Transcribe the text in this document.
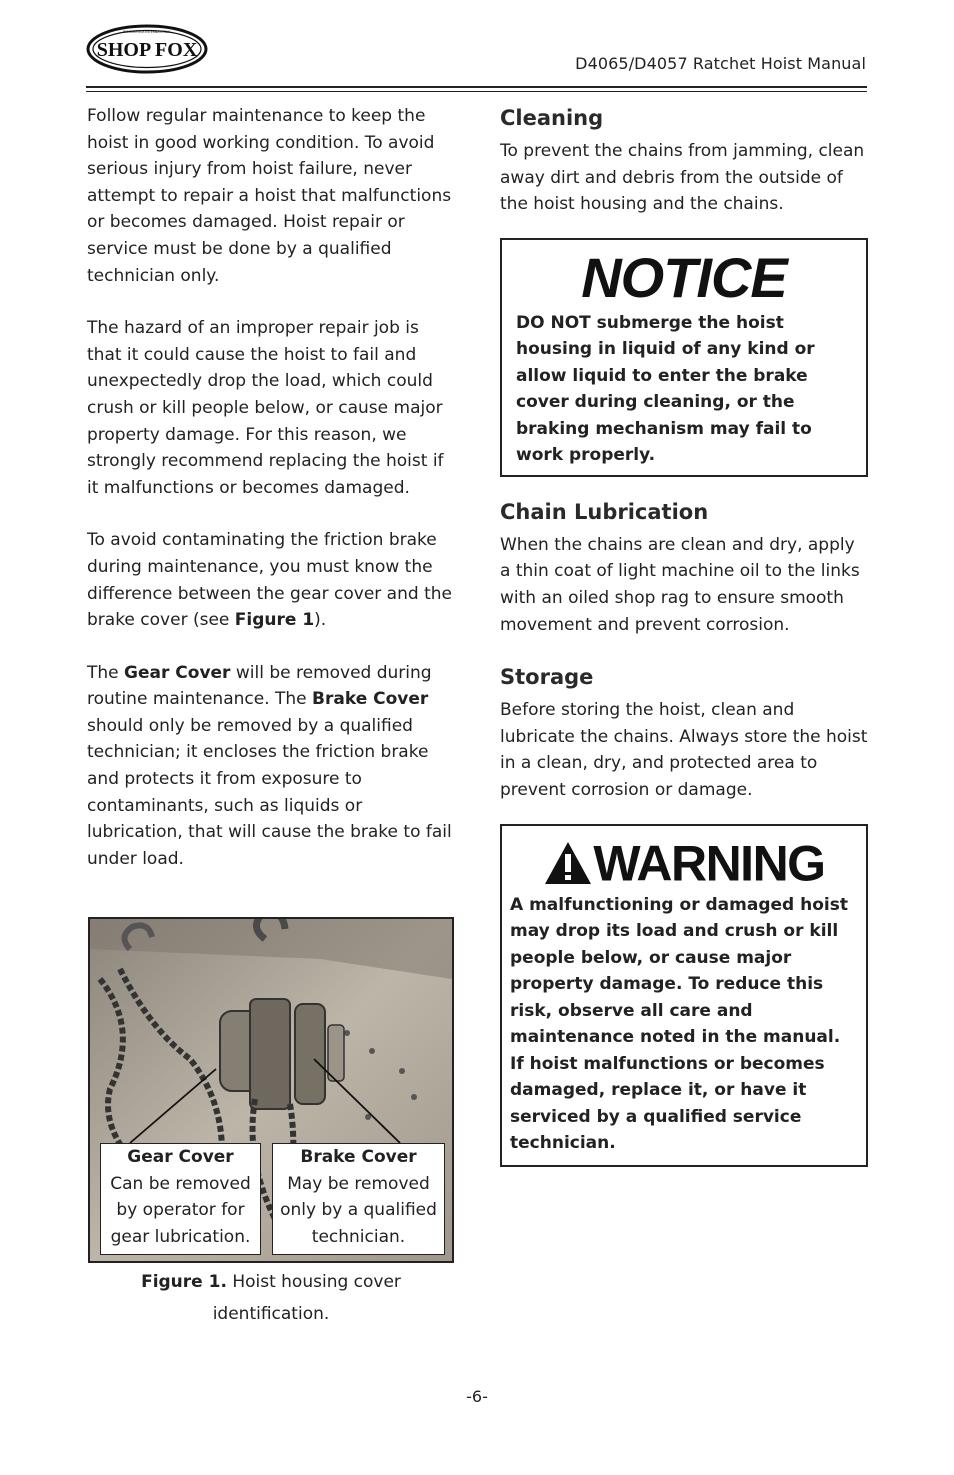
SHOP FOX
WOODSTOCK INTERNATIONAL
D4065/D4057 Ratchet Hoist Manual

Follow regular maintenance to keep the hoist in good working condition. To avoid serious injury from hoist failure, never attempt to repair a hoist that malfunctions or becomes damaged. Hoist repair or service must be done by a qualified technician only.

The hazard of an improper repair job is that it could cause the hoist to fail and unexpectedly drop the load, which could crush or kill people below, or cause major property damage. For this reason, we strongly recommend replacing the hoist if it malfunctions or becomes damaged.

To avoid contaminating the friction brake during maintenance, you must know the difference between the gear cover and the brake cover (see Figure 1).

The Gear Cover will be removed during routine maintenance. The Brake Cover should only be removed by a qualified technician; it encloses the friction brake and protects it from exposure to contaminants, such as liquids or lubrication, that will cause the brake to fail under load.

Gear Cover
Can be removed by operator for gear lubrication.
Brake Cover
May be removed only by a qualified technician.
Figure 1. Hoist housing cover identification.
Cleaning

To prevent the chains from jamming, clean away dirt and debris from the outside of the hoist housing and the chains.

NOTICE
DO NOT submerge the hoist housing in liquid of any kind or allow liquid to enter the brake cover during cleaning, or the braking mechanism may fail to work properly.
Chain Lubrication

When the chains are clean and dry, apply a thin coat of light machine oil to the links with an oiled shop rag to ensure smooth movement and prevent corrosion.

Storage

Before storing the hoist, clean and lubricate the chains. Always store the hoist in a clean, dry, and protected area to prevent corrosion or damage.

WARNING
A malfunctioning or damaged hoist may drop its load and crush or kill people below, or cause major property damage. To reduce this risk, observe all care and maintenance noted in the manual. If hoist malfunctions or becomes damaged, replace it, or have it serviced by a qualified service technician.
-6-
